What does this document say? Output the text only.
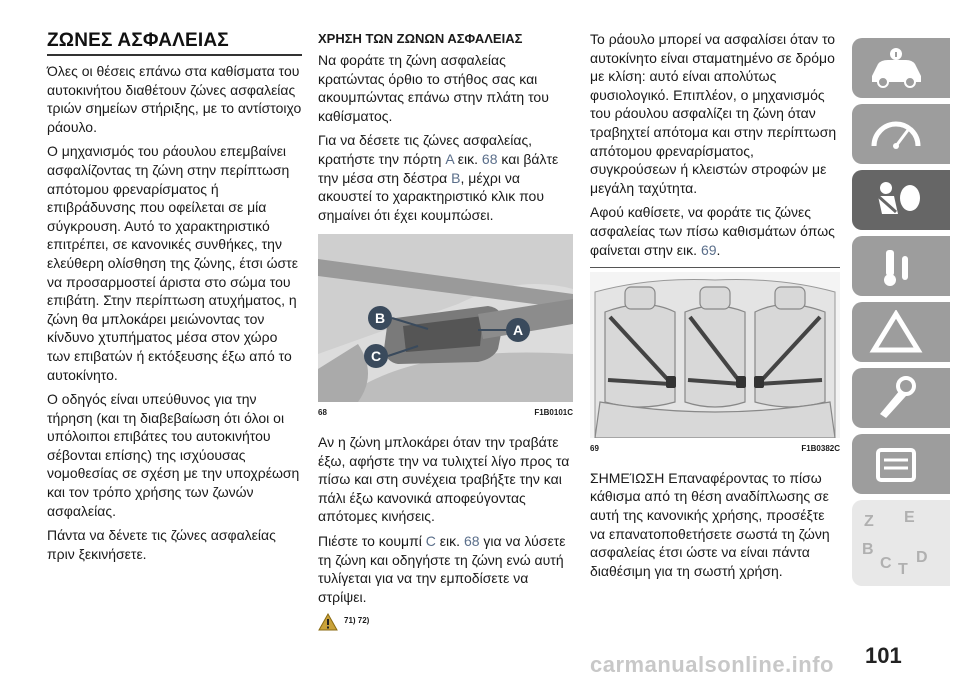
ΖΩΝΕΣ ΑΣΦΑΛΕΙΑΣ

Όλες οι θέσεις επάνω στα καθίσματα του αυτοκινήτου διαθέτουν ζώνες ασφαλείας τριών σημείων στήριξης, με το αντίστοιχο ράουλο.

Ο μηχανισμός του ράουλου επεμβαίνει ασφαλίζοντας τη ζώνη στην περίπτωση απότομου φρεναρίσματος ή επιβράδυνσης που οφείλεται σε μία σύγκρουση. Αυτό το χαρακτηριστικό επιτρέπει, σε κανονικές συνθήκες, την ελεύθερη ολίσθηση της ζώνης, έτσι ώστε να προσαρμοστεί άριστα στο σώμα του επιβάτη. Στην περίπτωση ατυχήματος, η ζώνη θα μπλοκάρει μειώνοντας τον κίνδυνο χτυπήματος μέσα στον χώρο των επιβατών ή εκτόξευσης έξω από το αυτοκίνητο.

Ο οδηγός είναι υπεύθυνος για την τήρηση (και τη διαβεβαίωση ότι όλοι οι υπόλοιποι επιβάτες του αυτοκινήτου σέβονται επίσης) της ισχύουσας νομοθεσίας σε σχέση με την υποχρέωση και τον τρόπο χρήσης των ζωνών ασφαλείας.

Πάντα να δένετε τις ζώνες ασφαλείας πριν ξεκινήσετε.

ΧΡΗΣΗ ΤΩΝ ΖΩΝΩΝ ΑΣΦΑΛΕΙΑΣ

Να φοράτε τη ζώνη ασφαλείας κρατώντας όρθιο το στήθος σας και ακουμπώντας επάνω στην πλάτη του καθίσματος.

Για να δέσετε τις ζώνες ασφαλείας, κρατήστε την πόρτη A εικ. 68 και βάλτε την μέσα στη δέστρα B, μέχρι να ακουστεί το χαρακτηριστικό κλικ που σημαίνει ότι έχει κουμπώσει.

B
A
C
68	F1B0101C

Αν η ζώνη μπλοκάρει όταν την τραβάτε έξω, αφήστε την να τυλιχτεί λίγο προς τα πίσω και στη συνέχεια τραβήξτε την και πάλι έξω κανονικά αποφεύγοντας απότομες κινήσεις.

Πιέστε το κουμπί C εικ. 68 για να λύσετε τη ζώνη και οδηγήστε τη ζώνη ενώ αυτή τυλίγεται για να την εμποδίσετε να στρίψει.

71) 72)

Το ράουλο μπορεί να ασφαλίσει όταν το αυτοκίνητο είναι σταματημένο σε δρόμο με κλίση: αυτό είναι απολύτως φυσιολογικό. Επιπλέον, ο μηχανισμός του ράουλου ασφαλίζει τη ζώνη όταν τραβηχτεί απότομα και στην περίπτωση απότομου φρεναρίσματος, συγκρούσεων ή κλειστών στροφών με μεγάλη ταχύτητα.

Αφού καθίσετε, να φοράτε τις ζώνες ασφαλείας των πίσω καθισμάτων όπως φαίνεται στην εικ. 69.

69	F1B0382C

ΣΗΜΕΊΩΣΗ Επαναφέροντας το πίσω κάθισμα από τη θέση αναδίπλωσης σε αυτή της κανονικής χρήσης, προσέξτε να επανατοποθετήσετε σωστά τη ζώνη ασφαλείας έτσι ώστε να είναι πάντα διαθέσιμη για τη σωστή χρήση.

Z E
B
C T
D
carmanualsonline.info 101
